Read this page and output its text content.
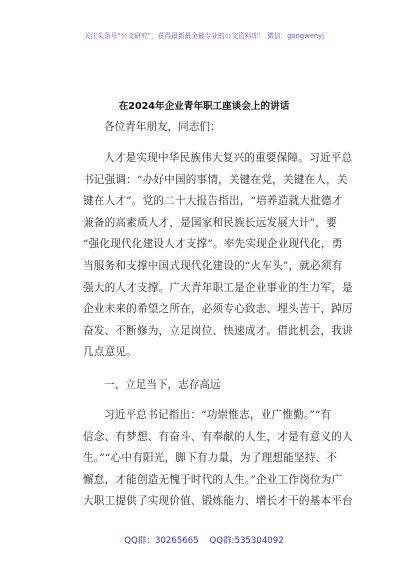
关注头条号“公文研究”，获得最新最全最专业的公文资料库！ 微信：gongwenyj
在2024年企业青年职工座谈会上的讲话
各位青年朋友，同志们：
人才是实现中华民族伟大复兴的重要保障。习近平总
书记强调：“办好中国的事情，关键在党，关键在人，关
键在人才”。党的二十大报告指出，“培养造就大批德才
兼备的高素质人才，是国家和民族长远发展大计”，要
“强化现代化建设人才支撑”。率先实现企业现代化，勇
当服务和支撑中国式现代化建设的“火车头”，就必须有
强大的人才支撑。广大青年职工是企业事业的生力军，是
企业未来的希望之所在，必须专心致志、埋头苦干，踔厉
奋发、不断修为，立足岗位、快速成才。借此机会，我讲
几点意见。
一、立足当下，志存高远
习近平总书记指出：“功崇惟志，业广惟勤。”“有
信念、有梦想、有奋斗、有奉献的人生，才是有意义的人
生。”“心中有阳光，脚下有力量，为了理想能坚持、不
懈怠，才能创造无愧于时代的人生。”企业工作岗位为广
大职工提供了实现价值、锻炼能力、增长才干的基本平台
QQ群：30265665 QQ群:535304092
